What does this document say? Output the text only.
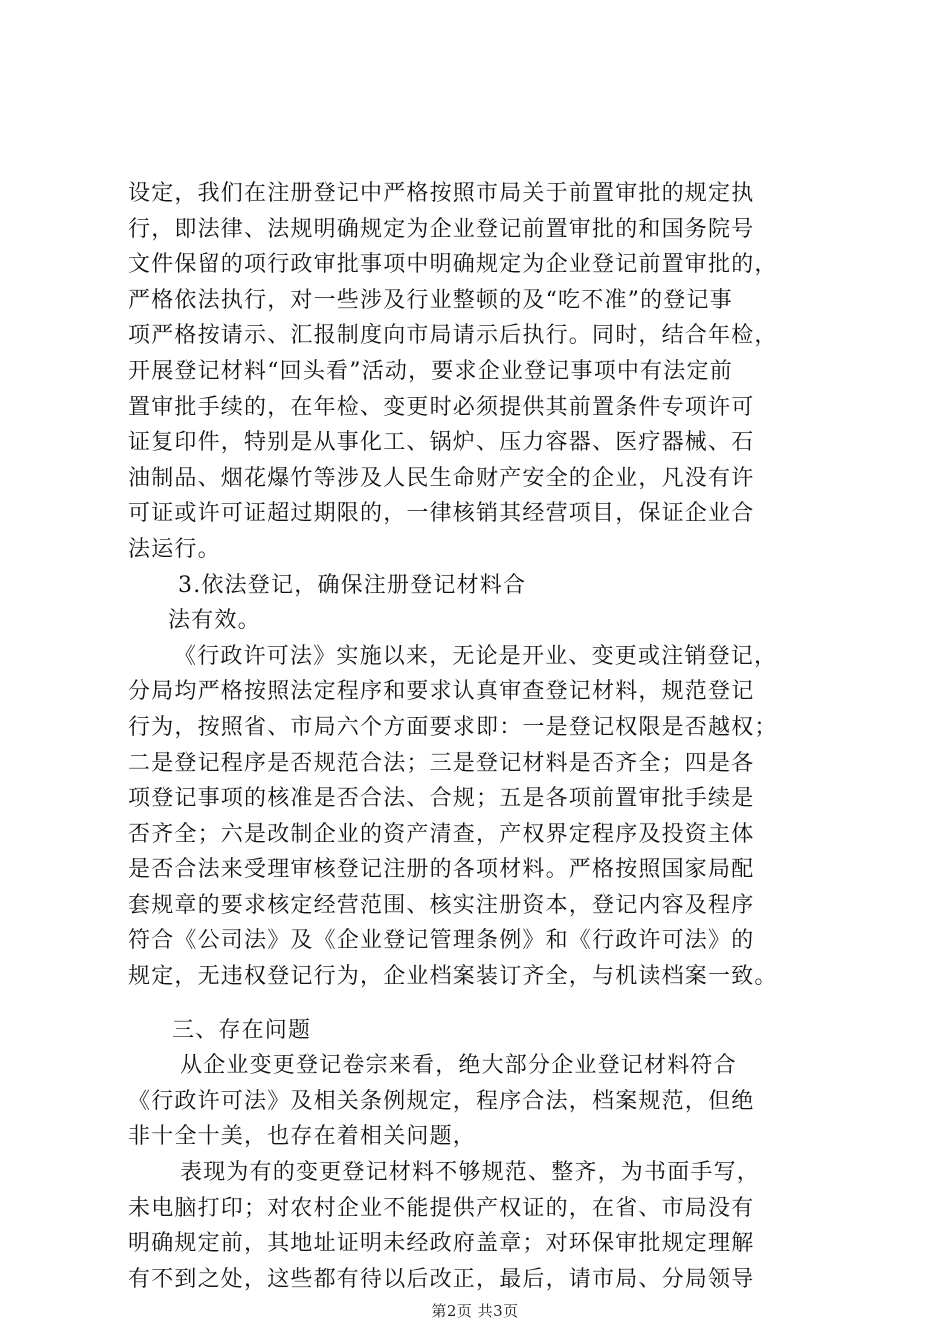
设定，我们在注册登记中严格按照市局关于前置审批的规定执
行，即法律、法规明确规定为企业登记前置审批的和国务院号
文件保留的项行政审批事项中明确规定为企业登记前置审批的，
严格依法执行，对一些涉及行业整顿的及“吃不准”的登记事
项严格按请示、汇报制度向市局请示后执行。同时，结合年检，
开展登记材料“回头看”活动，要求企业登记事项中有法定前
置审批手续的，在年检、变更时必须提供其前置条件专项许可
证复印件，特别是从事化工、锅炉、压力容器、医疗器械、石
油制品、烟花爆竹等涉及人民生命财产安全的企业，凡没有许
可证或许可证超过期限的，一律核销其经营项目，保证企业合
法运行。
3.依法登记，确保注册登记材料合
法有效。
《行政许可法》实施以来，无论是开业、变更或注销登记，
分局均严格按照法定程序和要求认真审查登记材料，规范登记
行为，按照省、市局六个方面要求即：一是登记权限是否越权；
二是登记程序是否规范合法；三是登记材料是否齐全；四是各
项登记事项的核准是否合法、合规；五是各项前置审批手续是
否齐全；六是改制企业的资产清查，产权界定程序及投资主体
是否合法来受理审核登记注册的各项材料。严格按照国家局配
套规章的要求核定经营范围、核实注册资本，登记内容及程序
符合《公司法》及《企业登记管理条例》和《行政许可法》的
规定，无违权登记行为，企业档案装订齐全，与机读档案一致。
三、存在问题
从企业变更登记卷宗来看，绝大部分企业登记材料符合
《行政许可法》及相关条例规定，程序合法，档案规范，但绝
非十全十美，也存在着相关问题，
表现为有的变更登记材料不够规范、整齐，为书面手写，
未电脑打印；对农村企业不能提供产权证的，在省、市局没有
明确规定前，其地址证明未经政府盖章；对环保审批规定理解
有不到之处，这些都有待以后改正，最后，请市局、分局领导
第2页 共3页
